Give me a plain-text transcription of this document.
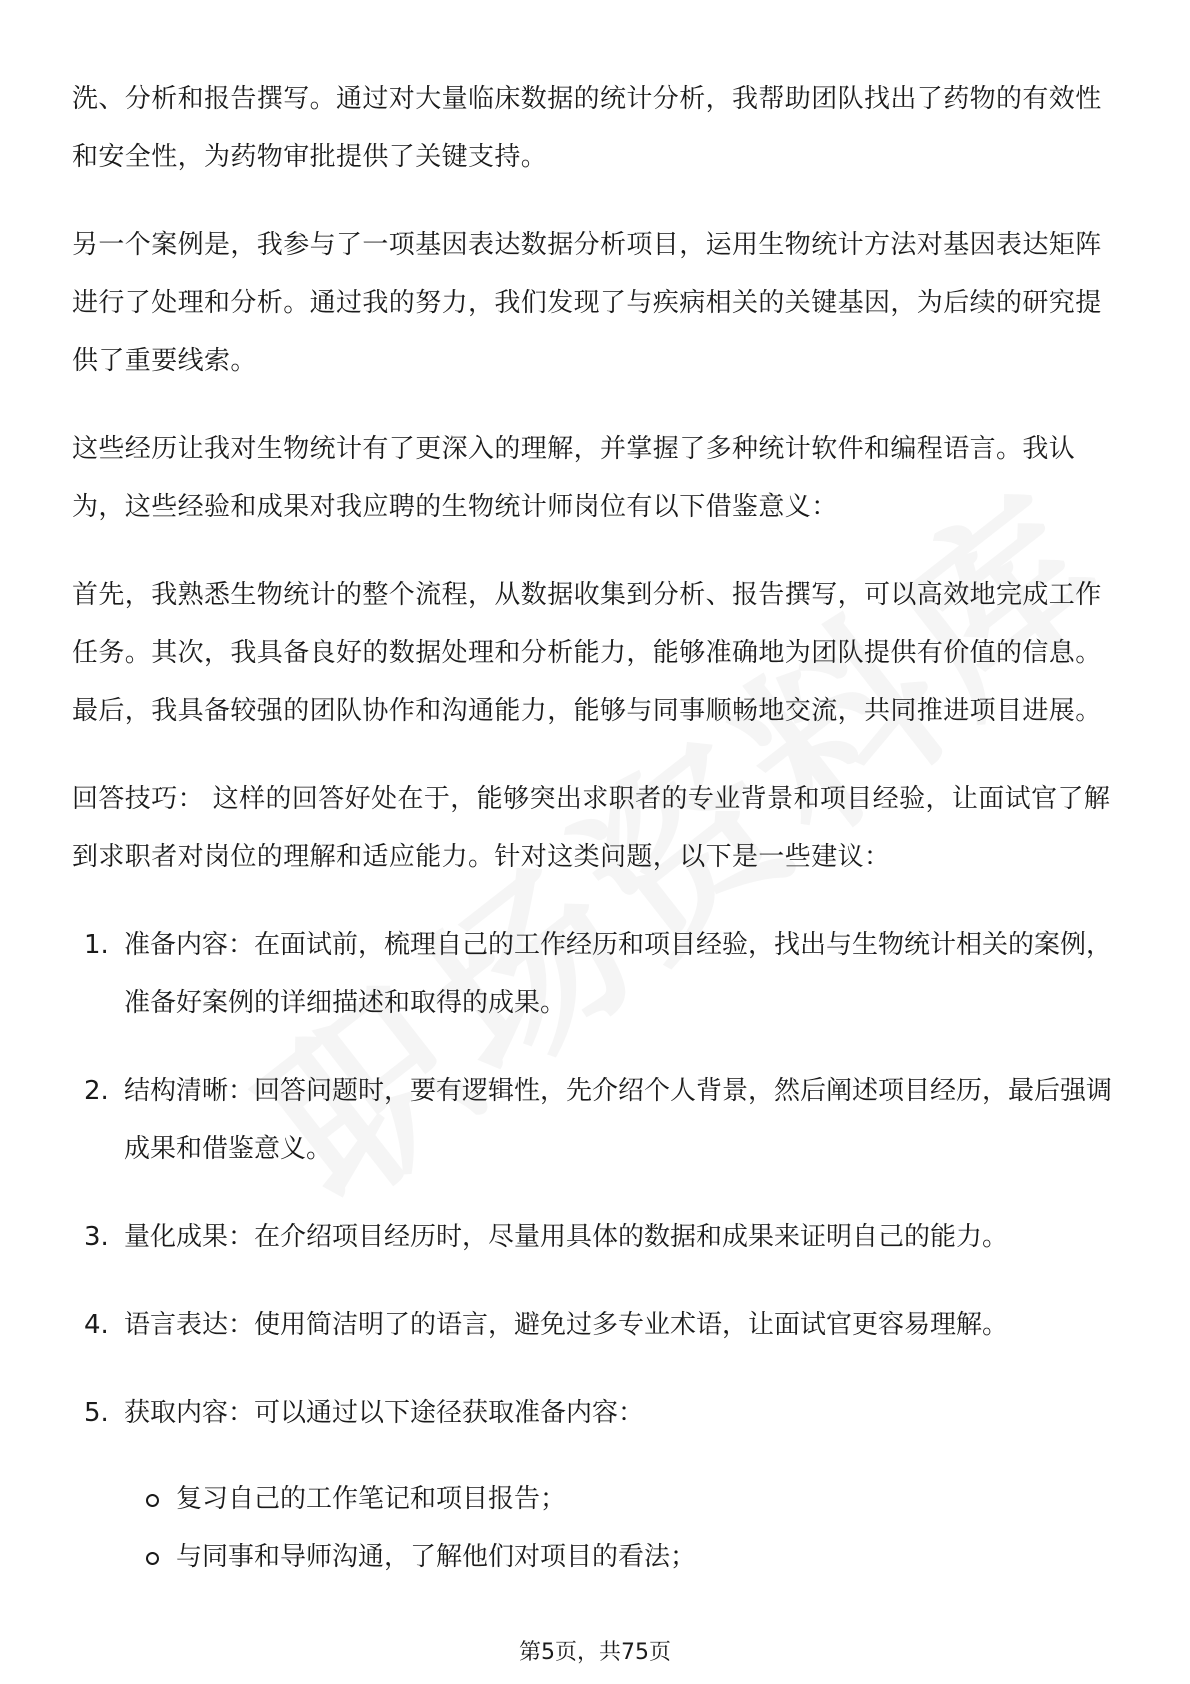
洗、分析和报告撰写。通过对大量临床数据的统计分析，我帮助团队找出了药物的有效性和安全性，为药物审批提供了关键支持。

另一个案例是，我参与了一项基因表达数据分析项目，运用生物统计方法对基因表达矩阵进行了处理和分析。通过我的努力，我们发现了与疾病相关的关键基因，为后续的研究提供了重要线索。

这些经历让我对生物统计有了更深入的理解，并掌握了多种统计软件和编程语言。我认为，这些经验和成果对我应聘的生物统计师岗位有以下借鉴意义：

首先，我熟悉生物统计的整个流程，从数据收集到分析、报告撰写，可以高效地完成工作任务。其次，我具备良好的数据处理和分析能力，能够准确地为团队提供有价值的信息。最后，我具备较强的团队协作和沟通能力，能够与同事顺畅地交流，共同推进项目进展。

回答技巧： 这样的回答好处在于，能够突出求职者的专业背景和项目经验，让面试官了解到求职者对岗位的理解和适应能力。针对这类问题，以下是一些建议：

1. 准备内容：在面试前，梳理自己的工作经历和项目经验，找出与生物统计相关的案例，准备好案例的详细描述和取得的成果。
2. 结构清晰：回答问题时，要有逻辑性，先介绍个人背景，然后阐述项目经历，最后强调成果和借鉴意义。
3. 量化成果：在介绍项目经历时，尽量用具体的数据和成果来证明自己的能力。
4. 语言表达：使用简洁明了的语言，避免过多专业术语，让面试官更容易理解。
5. 获取内容：可以通过以下途径获取准备内容：
复习自己的工作笔记和项目报告；
与同事和导师沟通，了解他们对项目的看法；
第5页，共75页
